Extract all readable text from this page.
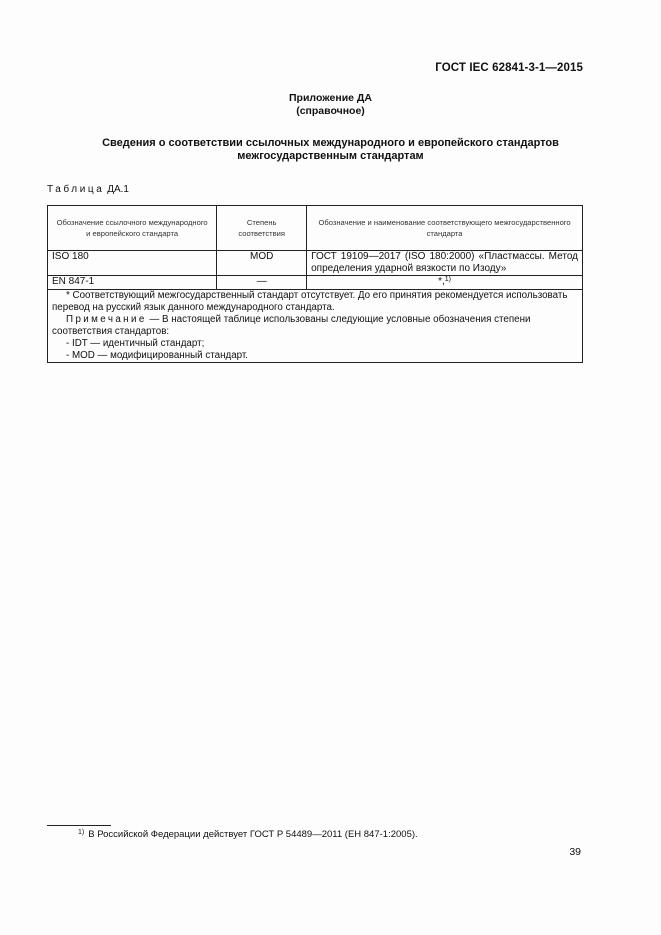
ГОСТ IEC 62841-3-1—2015
Приложение ДА
(справочное)
Сведения о соответствии ссылочных международного и европейского стандартов
межгосударственным стандартам
Таблица ДА.1
Обозначение ссылочного международного и европейского стандарта	Степень соответствия	Обозначение и наименование соответствующего межгосударственного стандарта
ISO 180	MOD	ГОСТ 19109—2017 (ISO 180:2000) «Пластмассы. Метод
определения ударной вязкости по Изоду»

EN 847-1	—	*,$^{1)}$

* Соответствующий межгосударственный стандарт отсутствует. До его принятия рекомендуется использовать перевод на русский язык данного международного стандарта.

Примечание — В настоящей таблице использованы следующие условные обозначения степени соответствия стандартов:

- IDT — идентичный стандарт;

- MOD — модифицированный стандарт.		

$^{1)}$ В Российской Федерации действует ГОСТ Р 54489—2011 (ЕН 847-1:2005).
39
